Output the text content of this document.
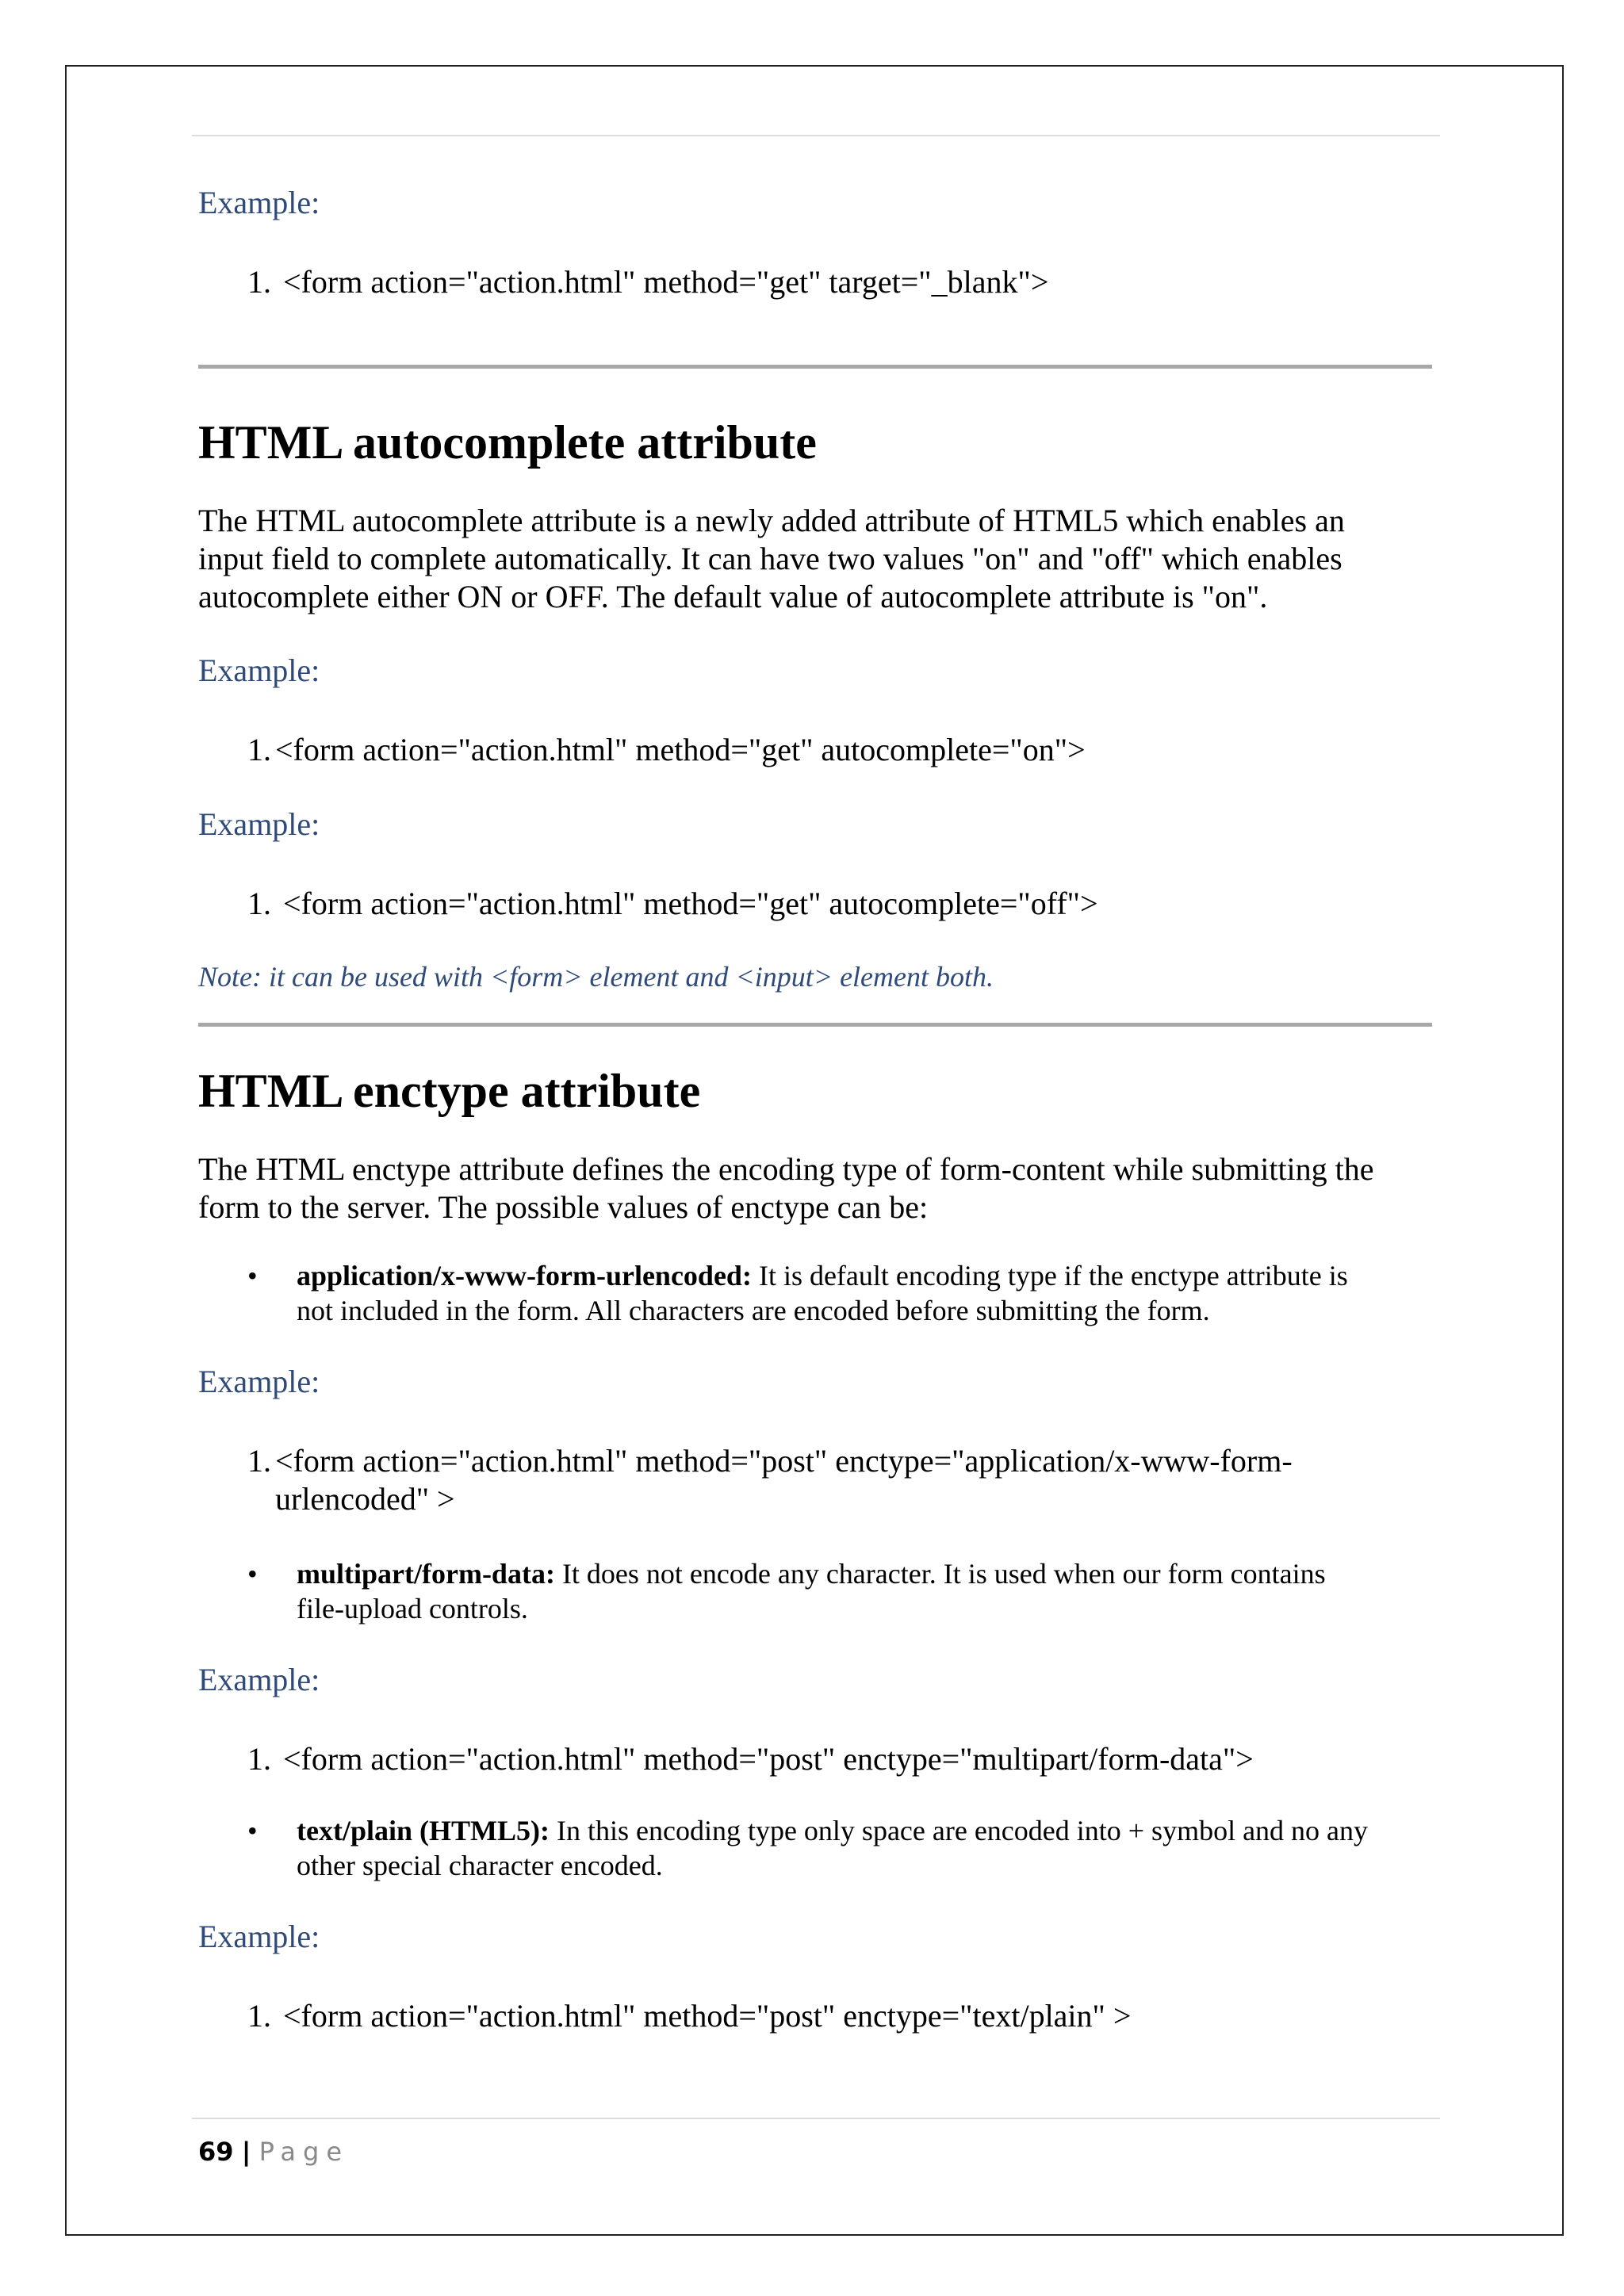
Example:

1. <form action="action.html" method="get" target="_blank">

HTML autocomplete attribute

The HTML autocomplete attribute is a newly added attribute of HTML5 which enables an

input field to complete automatically. It can have two values "on" and "off" which enables

autocomplete either ON or OFF. The default value of autocomplete attribute is "on".

Example:

1. <form action="action.html" method="get" autocomplete="on">

Example:

1. <form action="action.html" method="get" autocomplete="off">

Note: it can be used with <form> element and <input> element both.

HTML enctype attribute

The HTML enctype attribute defines the encoding type of form-content while submitting the

form to the server. The possible values of enctype can be:

•	application/x-www-form-urlencoded: It is default encoding type if the enctype attribute is
not included in the form. All characters are encoded before submitting the form.

Example:

1. <form action="action.html" method="post" enctype="application/x-www-form-
urlencoded" >
•	multipart/form-data: It does not encode any character. It is used when our form contains
file-upload controls.

Example:

1. <form action="action.html" method="post" enctype="multipart/form-data">

•	text/plain (HTML5): In this encoding type only space are encoded into + symbol and no any
other special character encoded.

Example:

1. <form action="action.html" method="post" enctype="text/plain" >

69 | Page
